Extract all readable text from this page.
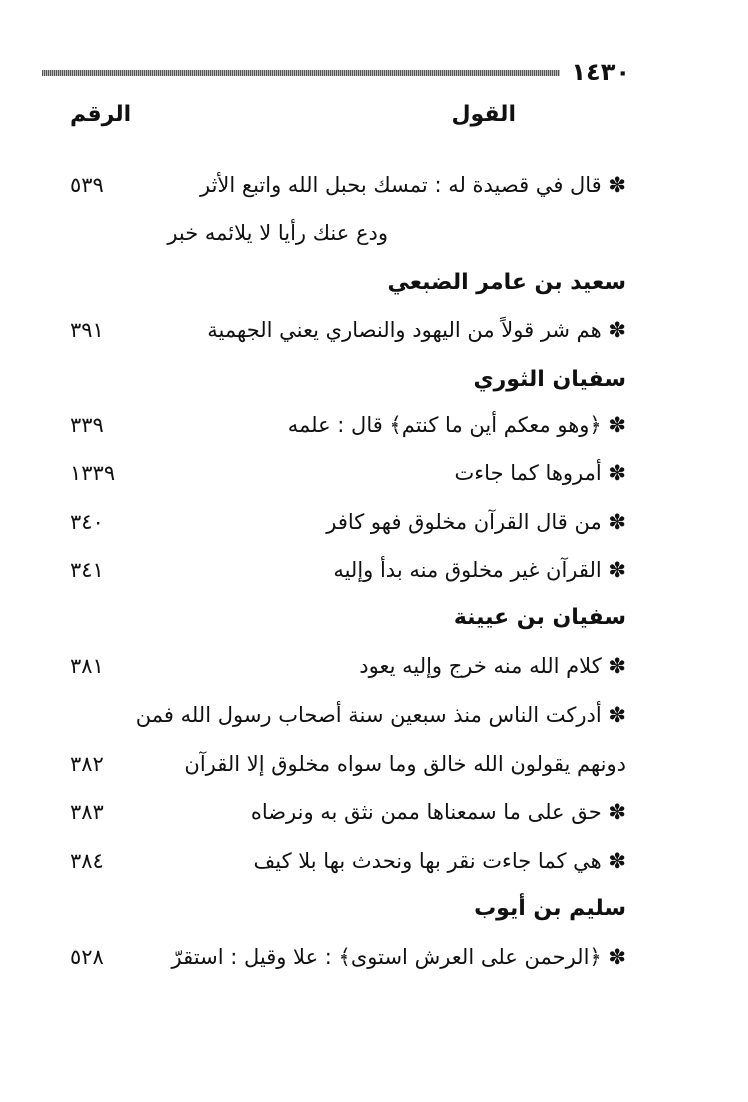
١٤٣٠
القول
الرقم
✽ قال في قصيدة له : تمسك بحبل الله واتبع الأثر
٥٣٩
ودع عنك رأيا لا يلائمه خبر
سعيد بن عامر الضبعي
✽ هم شر قولاً من اليهود والنصاري يعني الجهمية
٣٩١
سفيان الثوري
✽ ﴿وهو معكم أين ما كنتم﴾ قال : علمه
٣٣٩
✽ أمروها كما جاءت
١٣٣٩
✽ من قال القرآن مخلوق فهو كافر
٣٤٠
✽ القرآن غير مخلوق منه بدأ وإليه
٣٤١
سفيان بن عيينة
✽ كلام الله منه خرج وإليه يعود
٣٨١
✽ أدركت الناس منذ سبعين سنة أصحاب رسول الله فمن
دونهم يقولون الله خالق وما سواه مخلوق إلا القرآن
٣٨٢
✽ حق على ما سمعناها ممن نثق به ونرضاه
٣٨٣
✽ هي كما جاءت نقر بها ونحدث بها بلا كيف
٣٨٤
سليم بن أيوب
✽ ﴿الرحمن على العرش استوى﴾ : علا وقيل : استقرّ
٥٢٨
